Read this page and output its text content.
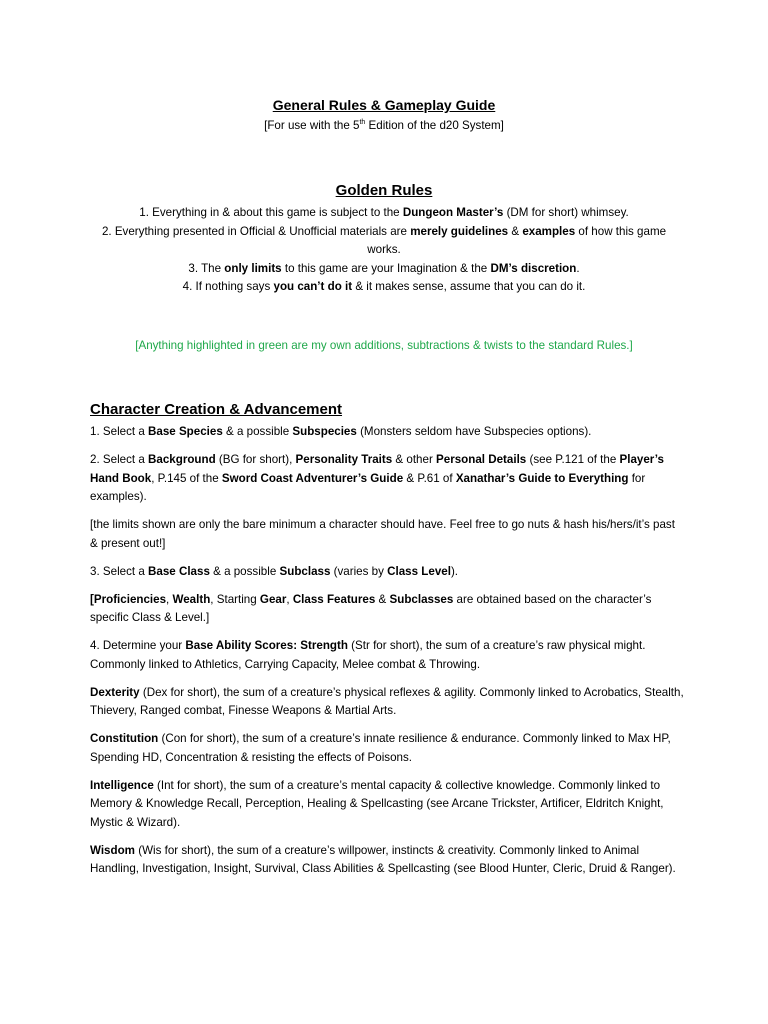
General Rules & Gameplay Guide
[For use with the 5th Edition of the d20 System]
Golden Rules

1. Everything in & about this game is subject to the Dungeon Master’s (DM for short) whimsey.

2. Everything presented in Official & Unofficial materials are merely guidelines & examples of how this game works.

3. The only limits to this game are your Imagination & the DM’s discretion.

4. If nothing says you can’t do it & it makes sense, assume that you can do it.

[Anything highlighted in green are my own additions, subtractions & twists to the standard Rules.]
Character Creation & Advancement

1. Select a Base Species & a possible Subspecies (Monsters seldom have Subspecies options).

2. Select a Background (BG for short), Personality Traits & other Personal Details (see P.121 of the Player’s Hand Book, P.145 of the Sword Coast Adventurer’s Guide & P.61 of Xanathar’s Guide to Everything for examples).

[the limits shown are only the bare minimum a character should have. Feel free to go nuts & hash his/hers/it’s past & present out!]

3. Select a Base Class & a possible Subclass (varies by Class Level).

[Proficiencies, Wealth, Starting Gear, Class Features & Subclasses are obtained based on the character’s specific Class & Level.]

4. Determine your Base Ability Scores: Strength (Str for short), the sum of a creature’s raw physical might. Commonly linked to Athletics, Carrying Capacity, Melee combat & Throwing.

Dexterity (Dex for short), the sum of a creature’s physical reflexes & agility. Commonly linked to Acrobatics, Stealth, Thievery, Ranged combat, Finesse Weapons & Martial Arts.

Constitution (Con for short), the sum of a creature’s innate resilience & endurance. Commonly linked to Max HP, Spending HD, Concentration & resisting the effects of Poisons.

Intelligence (Int for short), the sum of a creature’s mental capacity & collective knowledge. Commonly linked to Memory & Knowledge Recall, Perception, Healing & Spellcasting (see Arcane Trickster, Artificer, Eldritch Knight, Mystic & Wizard).

Wisdom (Wis for short), the sum of a creature’s willpower, instincts & creativity. Commonly linked to Animal Handling, Investigation, Insight, Survival, Class Abilities & Spellcasting (see Blood Hunter, Cleric, Druid & Ranger).
